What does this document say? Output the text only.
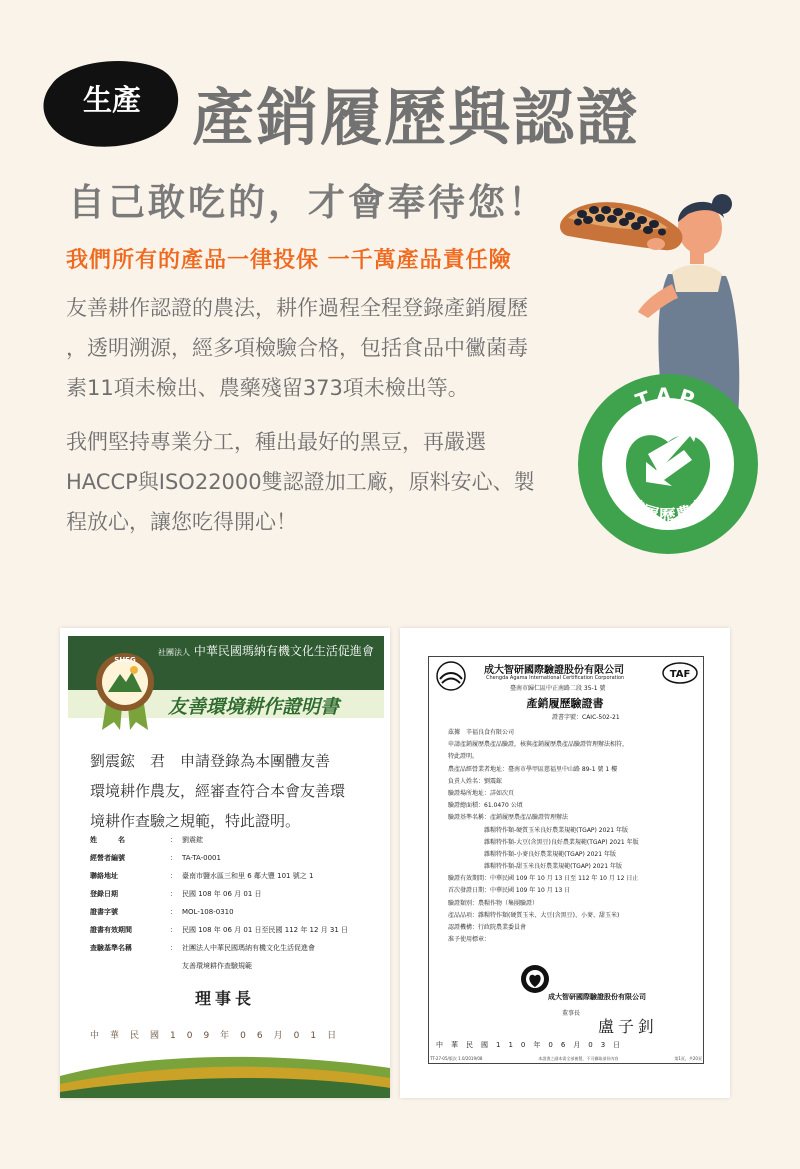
生產 產銷履歷與認證
自己敢吃的，才會奉待您！
我們所有的產品一律投保 一千萬產品責任險
友善耕作認證的農法，耕作過程全程登錄產銷履歷
，透明溯源，經多項檢驗合格，包括食品中黴菌毒
素11項未檢出、農藥殘留373項未檢出等。
我們堅持專業分工，種出最好的黑豆，再嚴選
HACCP與ISO22000雙認證加工廠，原料安心、製
程放心，讓您吃得開心！
TAP
產銷履歷農產品
社團法人 中華民國瑪納有機文化生活促進會
友善環境耕作證明書
SHEG
劉震鋐　君　申請登錄為本團體友善
環境耕作農友，經審查符合本會友善環
境耕作查驗之規範，特此證明。
姓　　　名	： 劉震鋐
經營者編號	： TA-TA-0001
聯絡地址	： 臺南市鹽水區三和里 6 鄰大豐 101 號之 1
登錄日期	： 民國 108 年 06 月 01 日
證書字號	： MOL-108-0310
證書有效期間	： 民國 108 年 06 月 01 日至民國 112 年 12 月 31 日
查驗基準名稱	： 社團法人中華民國瑪納有機文化生活促進會
友善環境耕作查驗規範
理事長
中華民國109年06月01日
成大智研國際驗證股份有限公司	TAF
Chengda Agama International Certification Corporation
臺南市歸仁區中正南路二段 35-1 號
產銷履歷驗證書
證書字號：CAIC-502-21
茲據　辛福良食有限公司
申請產銷履歷農產品驗證，核與產銷履歷農產品驗證管理辦法相符，
特此證明。
農產品經營業者地址：臺南市學甲區慈福里中山路 89-1 號 1 樓
負責人姓名：劉震鋐
驗證場所地址：詳如次頁
驗證總面積：61.0470 公頃
驗證基準名稱：產銷履歷農產品驗證管理辦法
　　　　　　雜糧特作類-硬質玉米良好農業規範(TGAP) 2021 年版
　　　　　　雜糧特作類-大豆(含黑豆)良好農業規範(TGAP) 2021 年版
　　　　　　雜糧特作類-小麥良好農業規範(TGAP) 2021 年版
　　　　　　雜糧特作類-甜玉米良好農業規範(TGAP) 2021 年版
驗證有效期間：中華民國 109 年 10 月 13 日至 112 年 10 月 12 日止
首次發證日期：中華民國 109 年 10 月 13 日
驗證類別：農糧作物（集團驗證）
產品品項：雜糧特作類(硬質玉米、大豆(含黑豆)、小麥、甜玉米)
認證機構：行政院農業委員會
准予使用標章：
成大智研國際驗證股份有限公司
董事長
盧子釗
中華民國110年06月03日
TT-27-05/版次 1.0/2019/08	本證書之副本需全部複製，不可擷取部份內容	第1頁，共20頁
